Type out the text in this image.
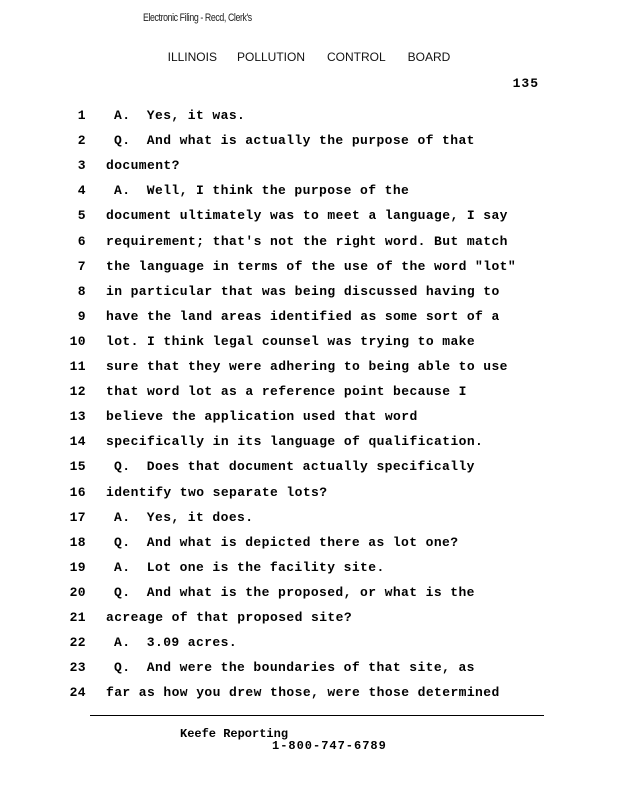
Electronic Filing - Recd, Clerk's
ILLINOIS POLLUTION CONTROL BOARD
135
1 A.  Yes, it was.
2 Q.  And what is actually the purpose of that
3 document?
4 A.  Well, I think the purpose of the
5 document ultimately was to meet a language, I say
6 requirement; that's not the right word. But match
7 the language in terms of the use of the word "lot"
8 in particular that was being discussed having to
9 have the land areas identified as some sort of a
10 lot. I think legal counsel was trying to make
11 sure that they were adhering to being able to use
12 that word lot as a reference point because I
13 believe the application used that word
14 specifically in its language of qualification.
15 Q.  Does that document actually specifically
16 identify two separate lots?
17 A.  Yes, it does.
18 Q.  And what is depicted there as lot one?
19 A.  Lot one is the facility site.
20 Q.  And what is the proposed, or what is the
21 acreage of that proposed site?
22 A.  3.09 acres.
23 Q.  And were the boundaries of that site, as
24 far as how you drew those, were those determined
Keefe Reporting
1-800-747-6789
